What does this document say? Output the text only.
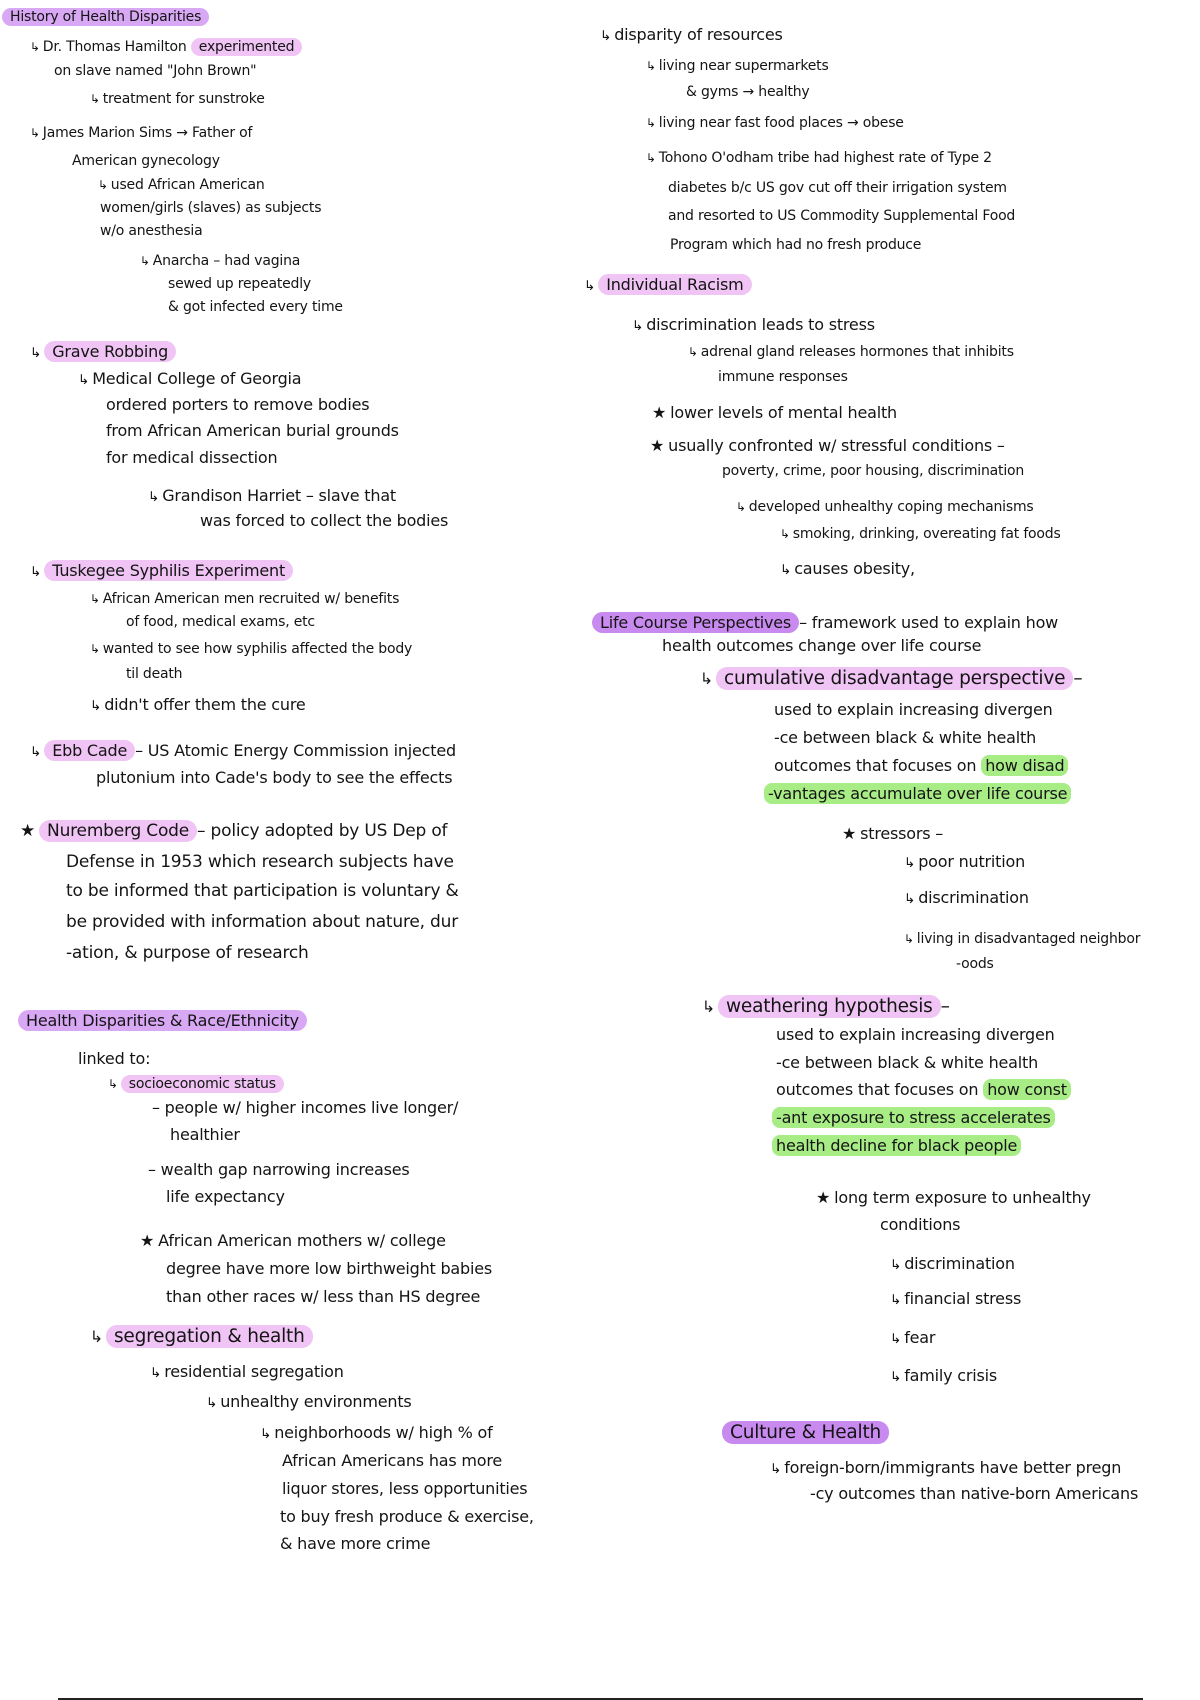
History of Health Disparities
↳ Dr. Thomas Hamilton experimented
on slave named "John Brown"
↳ treatment for sunstroke
↳ James Marion Sims → Father of
American gynecology
↳ used African American
women/girls (slaves) as subjects
w/o anesthesia
↳ Anarcha – had vagina
sewed up repeatedly
& got infected every time
↳ Grave Robbing
↳ Medical College of Georgia
ordered porters to remove bodies
from African American burial grounds
for medical dissection
↳ Grandison Harriet – slave that
was forced to collect the bodies
↳ Tuskegee Syphilis Experiment
↳ African American men recruited w/ benefits
of food, medical exams, etc
↳ wanted to see how syphilis affected the body
til death
↳ didn't offer them the cure
↳ Ebb Cade – US Atomic Energy Commission injected
plutonium into Cade's body to see the effects
★ Nuremberg Code – policy adopted by US Dep of
Defense in 1953 which research subjects have
to be informed that participation is voluntary &
be provided with information about nature, dur
-ation, & purpose of research
Health Disparities & Race/Ethnicity
linked to:
↳ socioeconomic status
– people w/ higher incomes live longer/
healthier
– wealth gap narrowing increases
life expectancy
★ African American mothers w/ college
degree have more low birthweight babies
than other races w/ less than HS degree
↳ segregation & health
↳ residential segregation
↳ unhealthy environments
↳ neighborhoods w/ high % of
African Americans has more
liquor stores, less opportunities
to buy fresh produce & exercise,
& have more crime
↳ disparity of resources
↳ living near supermarkets
& gyms → healthy
↳ living near fast food places → obese
↳ Tohono O'odham tribe had highest rate of Type 2
diabetes b/c US gov cut off their irrigation system
and resorted to US Commodity Supplemental Food
Program which had no fresh produce
↳ Individual Racism
↳ discrimination leads to stress
↳ adrenal gland releases hormones that inhibits
immune responses
★ lower levels of mental health
★ usually confronted w/ stressful conditions –
poverty, crime, poor housing, discrimination
↳ developed unhealthy coping mechanisms
↳ smoking, drinking, overeating fat foods
↳ causes obesity,
Life Course Perspectives – framework used to explain how
health outcomes change over life course
↳ cumulative disadvantage perspective –
used to explain increasing divergen
-ce between black & white health
outcomes that focuses on how disad
-vantages accumulate over life course
★ stressors –
↳ poor nutrition
↳ discrimination
↳ living in disadvantaged neighbor
-oods
↳ weathering hypothesis –
used to explain increasing divergen
-ce between black & white health
outcomes that focuses on how const
-ant exposure to stress accelerates
health decline for black people
★ long term exposure to unhealthy
conditions
↳ discrimination
↳ financial stress
↳ fear
↳ family crisis
Culture & Health
↳ foreign-born/immigrants have better pregn
-cy outcomes than native-born Americans
